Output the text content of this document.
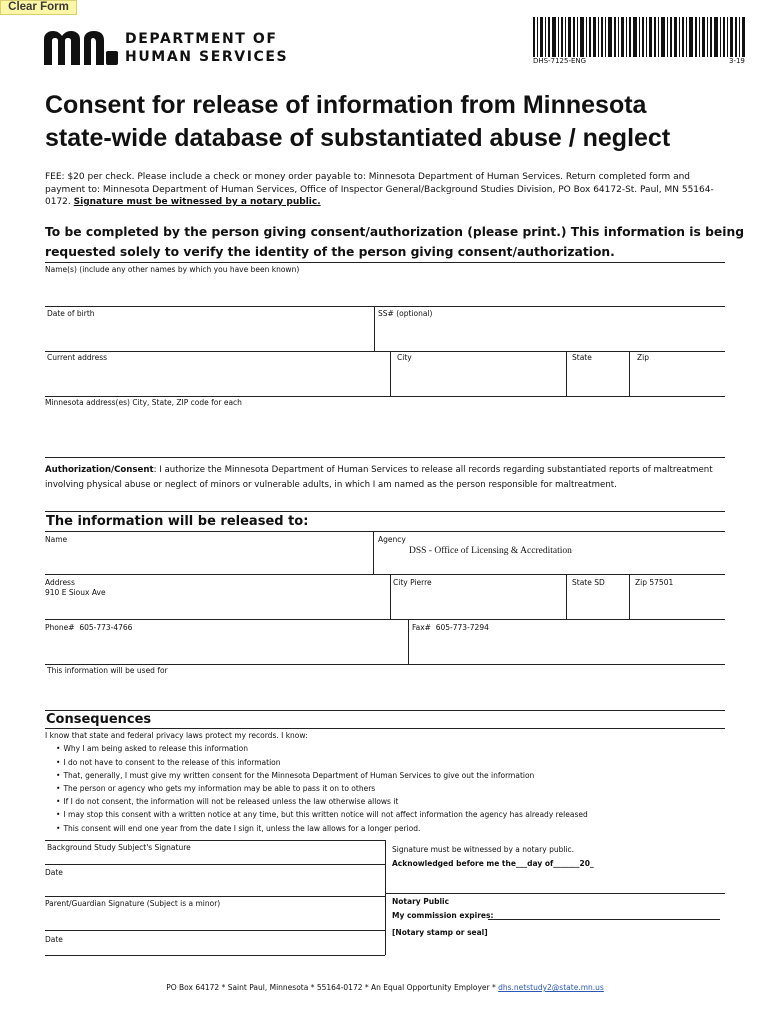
Clear Form
DEPARTMENT OF
HUMAN SERVICES	DHS-7125-ENG	3-19
Consent for release of information from Minnesota
state-wide database of substantiated abuse / neglect
FEE: $20 per check. Please include a check or money order payable to: Minnesota Department of Human Services. Return completed form and payment to: Minnesota Department of Human Services, Office of Inspector General/Background Studies Division, PO Box 64172-St. Paul, MN 55164-0172. Signature must be witnessed by a notary public.
To be completed by the person giving consent/authorization (please print.) This information is being
requested solely to verify the identity of the person giving consent/authorization.
Name(s) (include any other names by which you have been known)
Date of birth	SS# (optional)
Current address	City	State	Zip
Minnesota address(es) City, State, ZIP code for each
Authorization/Consent: I authorize the Minnesota Department of Human Services to release all records regarding substantiated reports of maltreatment involving physical abuse or neglect of minors or vulnerable adults, in which I am named as the person responsible for maltreatment.
The information will be released to:
Name	Agency
DSS - Office of Licensing & Accreditation
Address
910 E Sioux Ave
City Pierre	State SD	Zip 57501
Phone# 605-773-4766	Fax# 605-773-7294
This information will be used for
Consequences
I know that state and federal privacy laws protect my records. I know:
• Why I am being asked to release this information
• I do not have to consent to the release of this information
• That, generally, I must give my written consent for the Minnesota Department of Human Services to give out the information
• The person or agency who gets my information may be able to pass it on to others
• If I do not consent, the information will not be released unless the law otherwise allows it
• I may stop this consent with a written notice at any time, but this written notice will not affect information the agency has already released
• This consent will end one year from the date I sign it, unless the law allows for a longer period.
Background Study Subject's Signature
Date
Parent/Guardian Signature (Subject is a minor)
Date
Signature must be witnessed by a notary public.
Acknowledged before me the___day of_______20_
Notary Public
My commission expires:
[Notary stamp or seal]
PO Box 64172 * Saint Paul, Minnesota * 55164-0172 * An Equal Opportunity Employer * dhs.netstudy2@state.mn.us
